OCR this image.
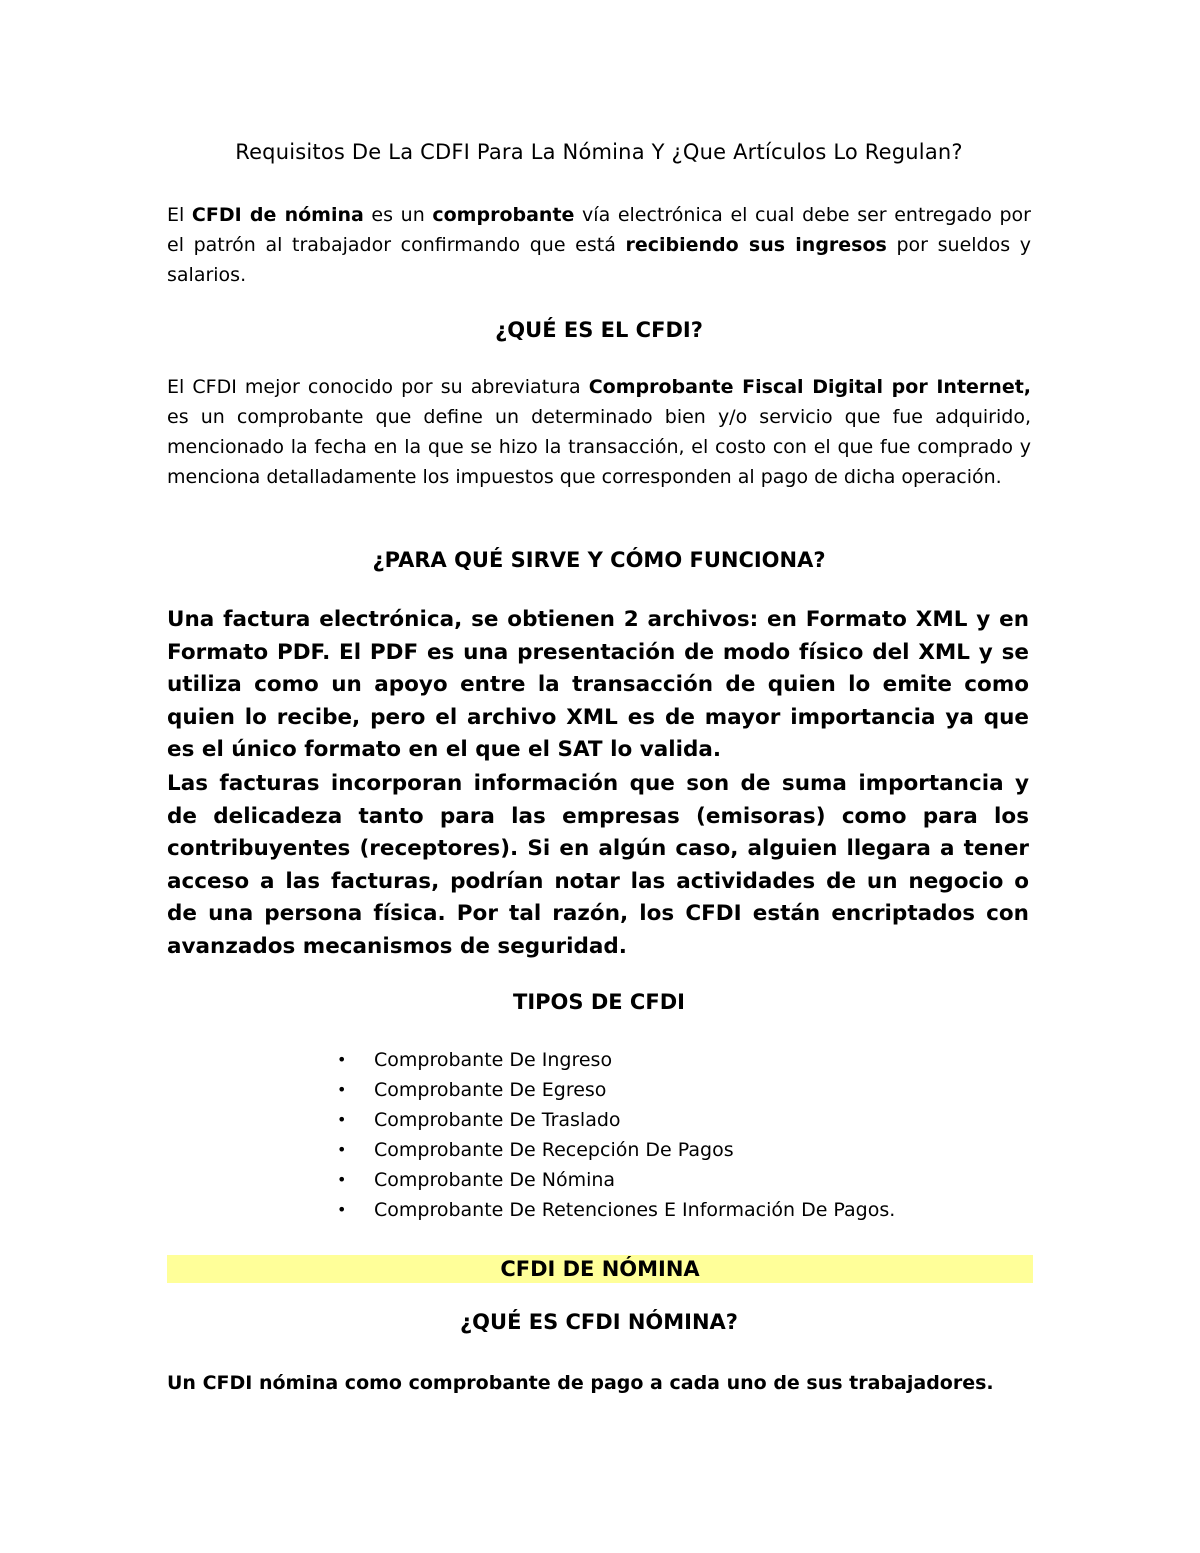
Requisitos De La CDFI Para La Nómina Y ¿Que Artículos Lo Regulan?
El CFDI de nómina es un comprobante vía electrónica el cual debe ser entregado por el patrón al trabajador confirmando que está recibiendo sus ingresos por sueldos y salarios.
¿QUÉ ES EL CFDI?
El CFDI mejor conocido por su abreviatura Comprobante Fiscal Digital por Internet, es un comprobante que define un determinado bien y/o servicio que fue adquirido, mencionado la fecha en la que se hizo la transacción, el costo con el que fue comprado y menciona detalladamente los impuestos que corresponden al pago de dicha operación.
¿PARA QUÉ SIRVE Y CÓMO FUNCIONA?
Una factura electrónica, se obtienen 2 archivos: en Formato XML y en Formato PDF. El PDF es una presentación de modo físico del XML y se utiliza como un apoyo entre la transacción de quien lo emite como quien lo recibe, pero el archivo XML es de mayor importancia ya que es el único formato en el que el SAT lo valida.
Las facturas incorporan información que son de suma importancia y de delicadeza tanto para las empresas (emisoras) como para los contribuyentes (receptores). Si en algún caso, alguien llegara a tener acceso a las facturas, podrían notar las actividades de un negocio o de una persona física. Por tal razón, los CFDI están encriptados con avanzados mecanismos de seguridad.
TIPOS DE CFDI
• Comprobante De Ingreso
• Comprobante De Egreso
• Comprobante De Traslado
• Comprobante De Recepción De Pagos
• Comprobante De Nómina
• Comprobante De Retenciones E Información De Pagos.
CFDI DE NÓMINA
¿QUÉ ES CFDI NÓMINA?
Un CFDI nómina como comprobante de pago a cada uno de sus trabajadores.
